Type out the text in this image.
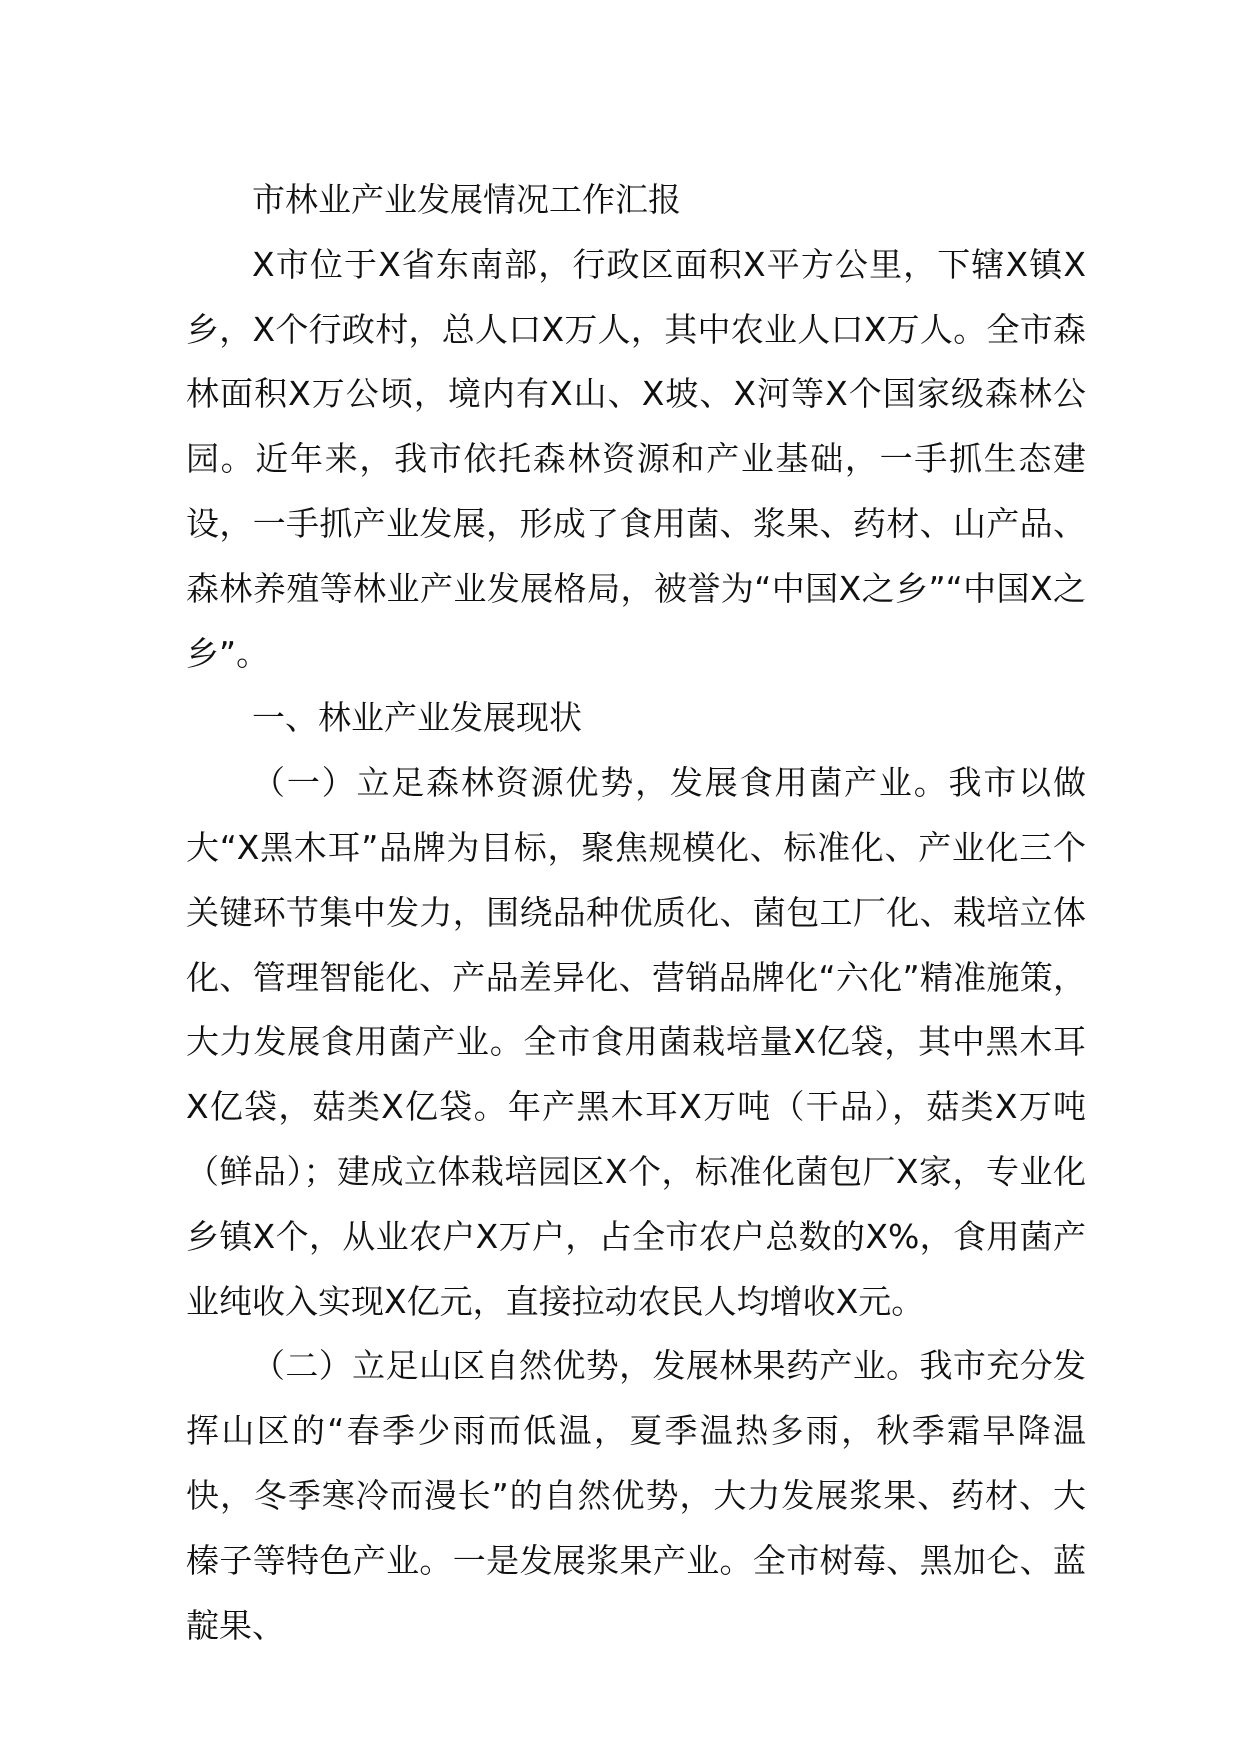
市林业产业发展情况工作汇报

X市位于X省东南部，行政区面积X平方公里，下辖X镇X乡，X个行政村，总人口X万人，其中农业人口X万人。全市森林面积X万公顷，境内有X山、X坡、X河等X个国家级森林公园。近年来，我市依托森林资源和产业基础，一手抓生态建设，一手抓产业发展，形成了食用菌、浆果、药材、山产品、森林养殖等林业产业发展格局，被誉为“中国X之乡”“中国X之乡”。

一、林业产业发展现状

（一）立足森林资源优势，发展食用菌产业。我市以做大“X黑木耳”品牌为目标，聚焦规模化、标准化、产业化三个关键环节集中发力，围绕品种优质化、菌包工厂化、栽培立体化、管理智能化、产品差异化、营销品牌化“六化”精准施策，大力发展食用菌产业。全市食用菌栽培量X亿袋，其中黑木耳X亿袋，菇类X亿袋。年产黑木耳X万吨（干品），菇类X万吨（鲜品）；建成立体栽培园区X个，标准化菌包厂X家，专业化乡镇X个，从业农户X万户，占全市农户总数的X%，食用菌产业纯收入实现X亿元，直接拉动农民人均增收X元。

（二）立足山区自然优势，发展林果药产业。我市充分发挥山区的“春季少雨而低温，夏季温热多雨，秋季霜早降温快，冬季寒冷而漫长”的自然优势，大力发展浆果、药材、大榛子等特色产业。一是发展浆果产业。全市树莓、黑加仑、蓝靛果、
